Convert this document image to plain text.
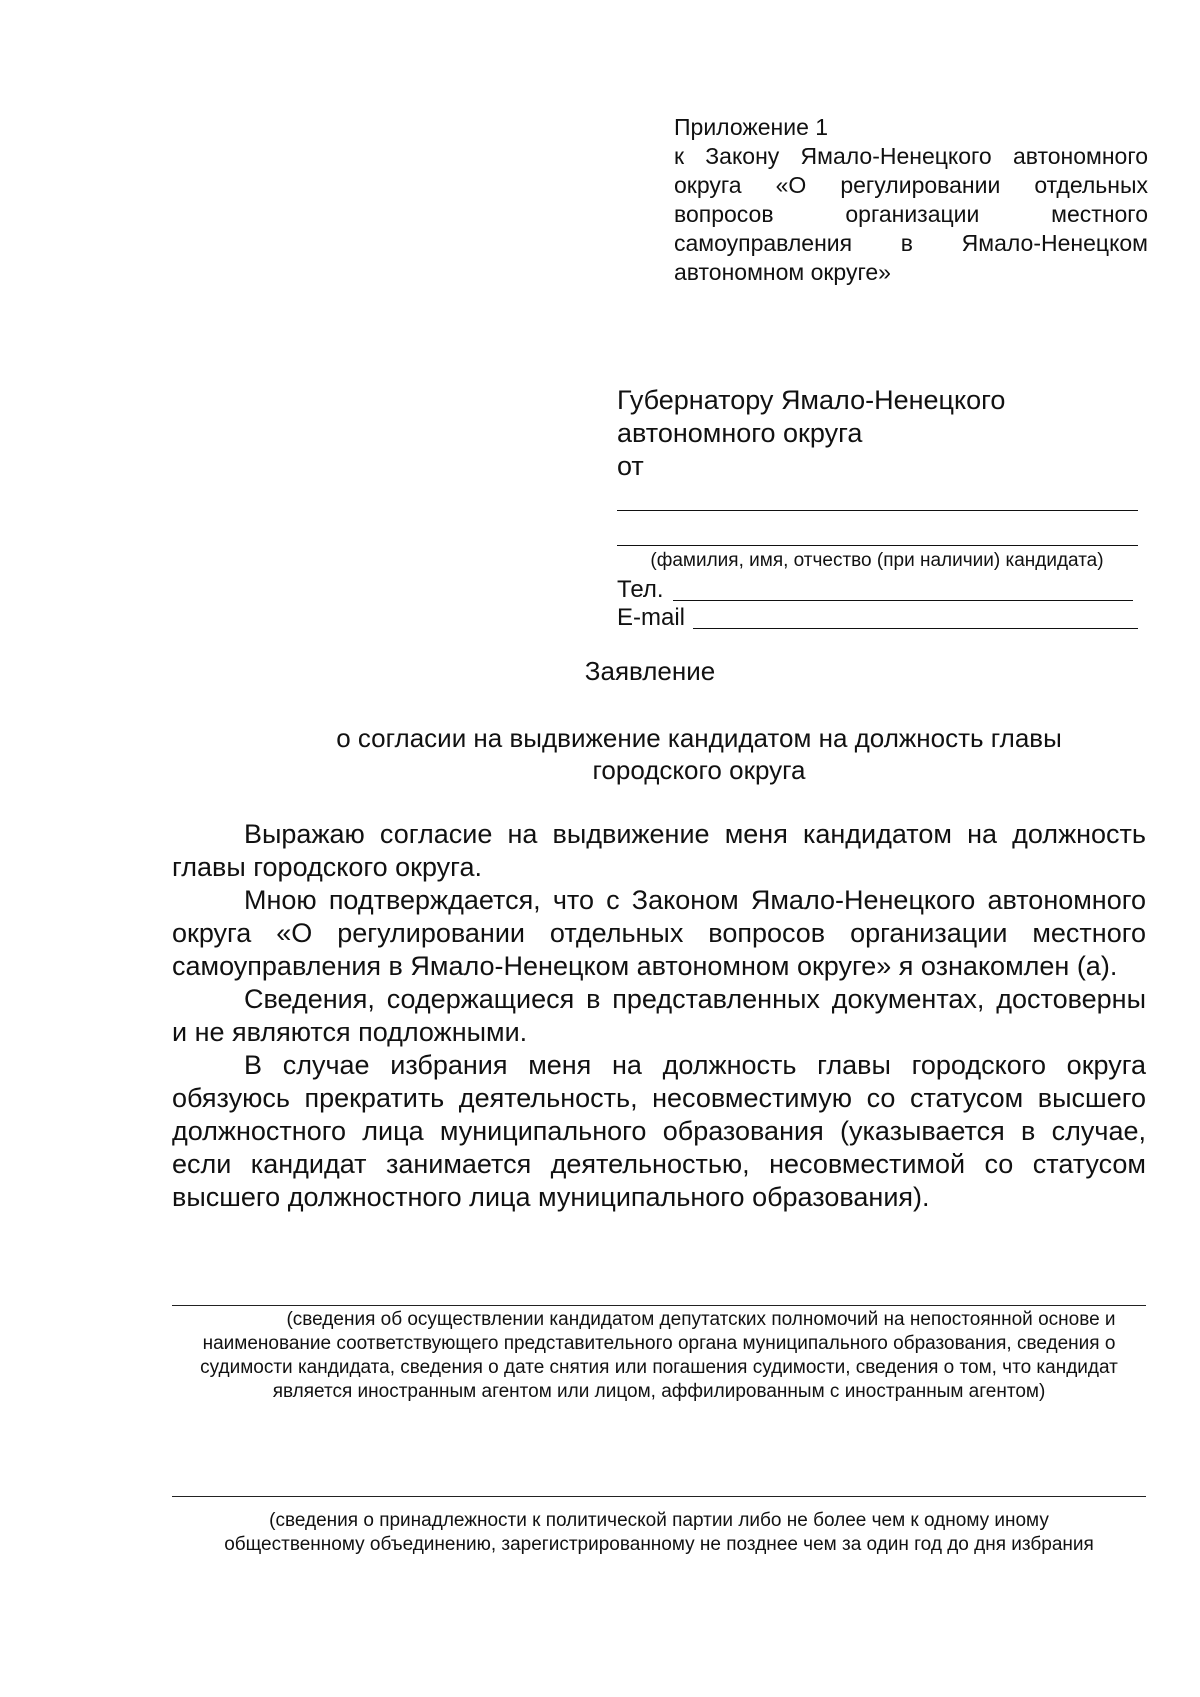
Приложение 1
к Закону Ямало-Ненецкого автономного округа «О регулировании отдельных вопросов организации местного самоуправления в Ямало-Ненецком автономном округе»
Губернатору Ямало-Ненецкого
автономного округа
от
(фамилия, имя, отчество (при наличии) кандидата)
Тел.
E-mail
Заявление
о согласии на выдвижение кандидатом на должность главы городского округа

Выражаю согласие на выдвижение меня кандидатом на должность главы городского округа.

Мною подтверждается, что с Законом Ямало-Ненецкого автономного округа «О регулировании отдельных вопросов организации местного самоуправления в Ямало-Ненецком автономном округе» я ознакомлен (а).

Сведения, содержащиеся в представленных документах, достоверны и не являются подложными.

В случае избрания меня на должность главы городского округа обязуюсь прекратить деятельность, несовместимую со статусом высшего должностного лица муниципального образования (указывается в случае, если кандидат занимается деятельностью, несовместимой со статусом высшего должностного лица муниципального образования).

(сведения об осуществлении кандидатом депутатских полномочий на непостоянной основе и наименование соответствующего представительного органа муниципального образования, сведения о судимости кандидата, сведения о дате снятия или погашения судимости, сведения о том, что кандидат является иностранным агентом или лицом, аффилированным с иностранным агентом)
(сведения о принадлежности к политической партии либо не более чем к одному иному
общественному объединению, зарегистрированному не позднее чем за один год до дня избрания
